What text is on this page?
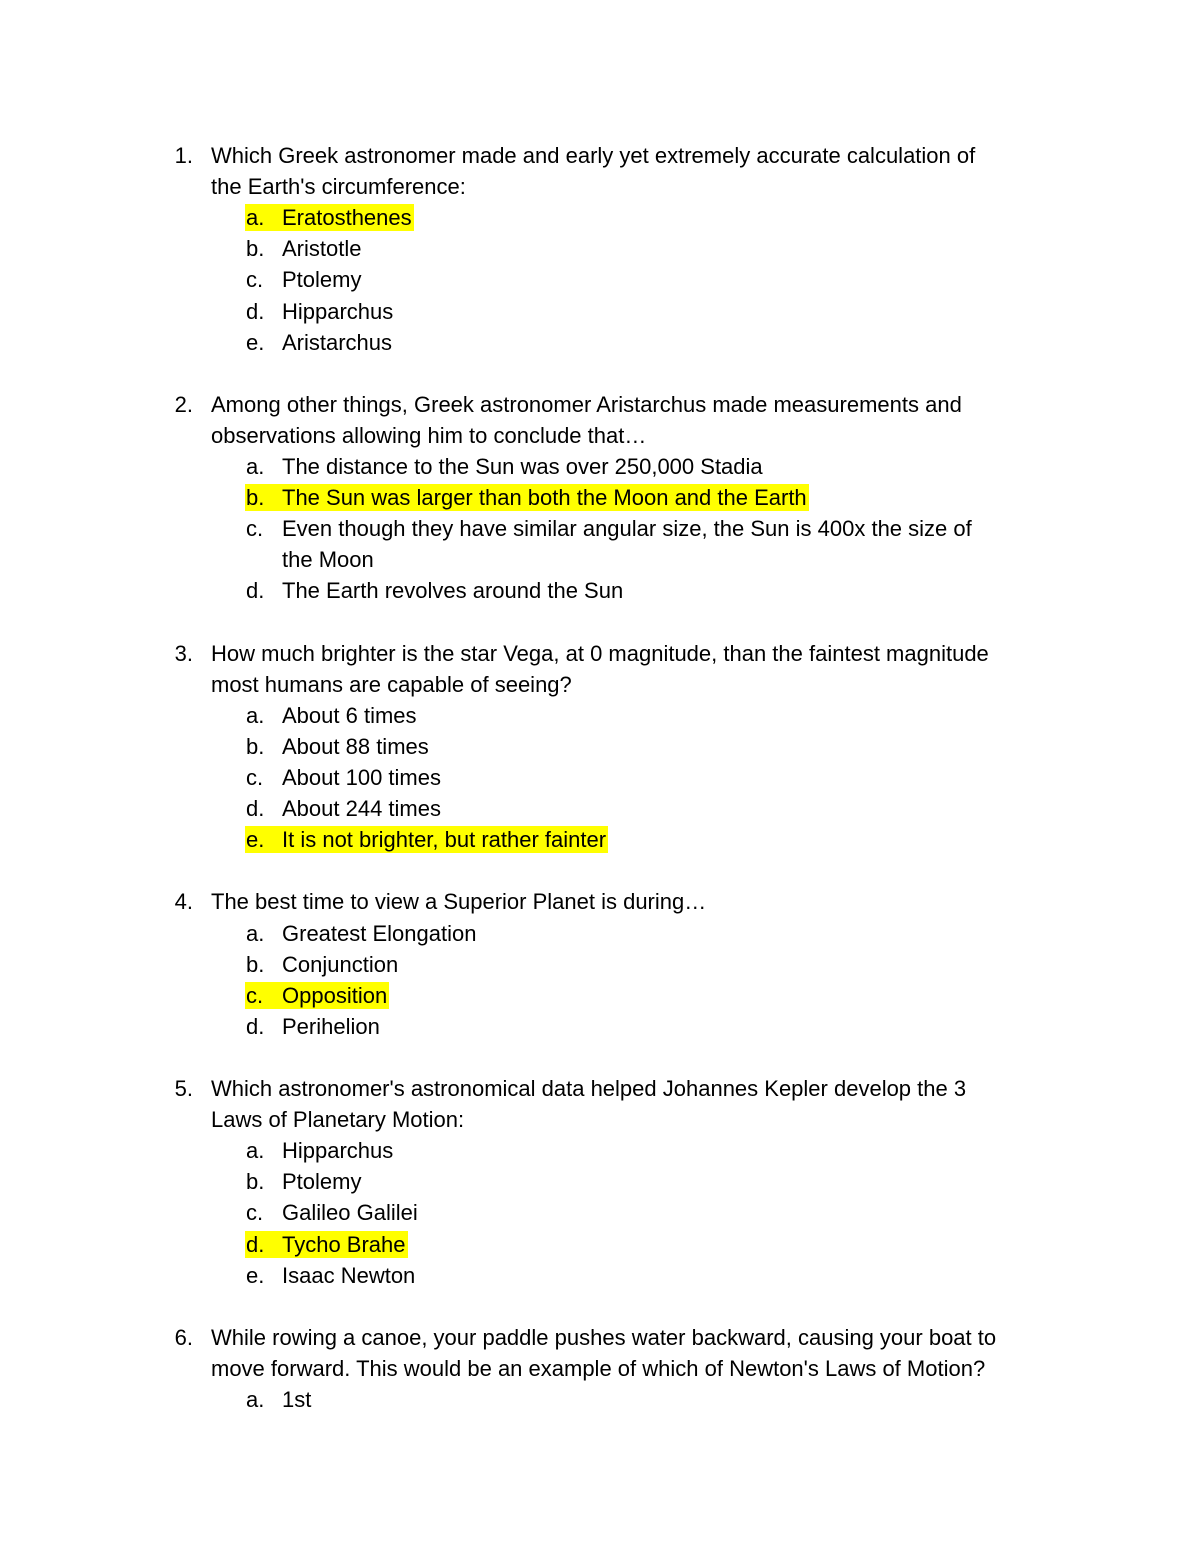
1. Which Greek astronomer made and early yet extremely accurate calculation of
the Earth's circumference:
a. Eratosthenes
b. Aristotle
c. Ptolemy
d. Hipparchus
e. Aristarchus
2. Among other things, Greek astronomer Aristarchus made measurements and
observations allowing him to conclude that…
a. The distance to the Sun was over 250,000 Stadia
b. The Sun was larger than both the Moon and the Earth
c. Even though they have similar angular size, the Sun is 400x the size of
the Moon
d. The Earth revolves around the Sun
3. How much brighter is the star Vega, at 0 magnitude, than the faintest magnitude
most humans are capable of seeing?
a. About 6 times
b. About 88 times
c. About 100 times
d. About 244 times
e. It is not brighter, but rather fainter
4. The best time to view a Superior Planet is during…
a. Greatest Elongation
b. Conjunction
c. Opposition
d. Perihelion
5. Which astronomer's astronomical data helped Johannes Kepler develop the 3
Laws of Planetary Motion:
a. Hipparchus
b. Ptolemy
c. Galileo Galilei
d. Tycho Brahe
e. Isaac Newton
6. While rowing a canoe, your paddle pushes water backward, causing your boat to
move forward. This would be an example of which of Newton's Laws of Motion?
a. 1st
